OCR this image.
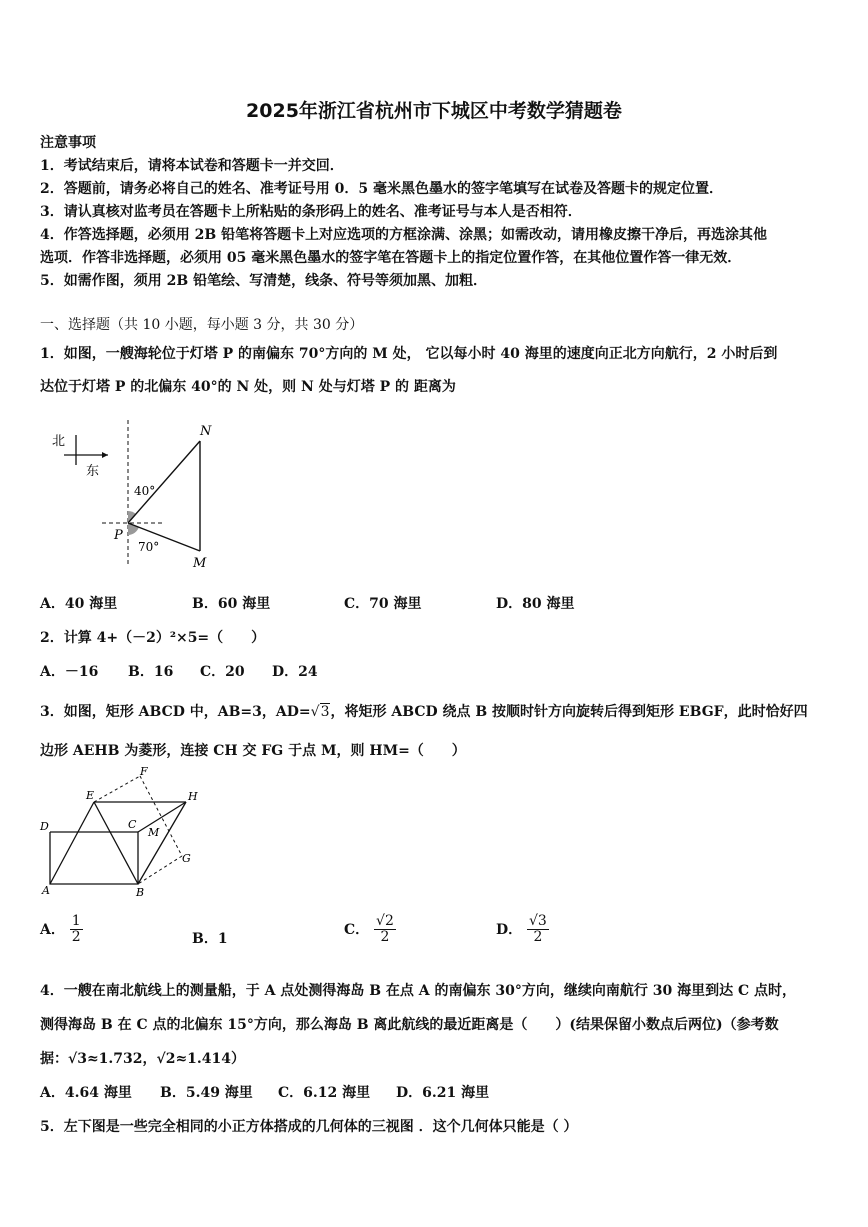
2025年浙江省杭州市下城区中考数学猜题卷
注意事项
1．考试结束后，请将本试卷和答题卡一并交回．
2．答题前，请务必将自己的姓名、准考证号用 0．5 毫米黑色墨水的签字笔填写在试卷及答题卡的规定位置．
3．请认真核对监考员在答题卡上所粘贴的条形码上的姓名、准考证号与本人是否相符．
4．作答选择题，必须用 2B 铅笔将答题卡上对应选项的方框涂满、涂黑；如需改动，请用橡皮擦干净后，再选涂其他
选项．作答非选择题，必须用 05 毫米黑色墨水的签字笔在答题卡上的指定位置作答，在其他位置作答一律无效．
5．如需作图，须用 2B 铅笔绘、写清楚，线条、符号等须加黑、加粗．
一、选择题（共 10 小题，每小题 3 分，共 30 分）
1．如图，一艘海轮位于灯塔 P 的南偏东 70°方向的 M 处， 它以每小时 40 海里的速度向正北方向航行，2 小时后到
达位于灯塔 P 的北偏东 40°的 N 处，则 N 处与灯塔 P 的 距离为
北
东
N
P
M
40°
70°
A．40 海里	B．60 海里	C．70 海里	D．80 海里
2．计算 4+（－2）²×5=（　　）
A．－16 B．16 C．20 D．24
3．如图，矩形 ABCD 中，AB=3，AD=√3，将矩形 ABCD 绕点 B 按顺时针方向旋转后得到矩形 EBGF，此时恰好四
边形 AEHB 为菱形，连接 CH 交 FG 于点 M，则 HM=（　　）
F
E	H
D	C
M
G
A	B
A． $\frac{1}{2}$	B．1
C． $\frac{√2}{2}$	D． $\frac{√3}{2}$
4．一艘在南北航线上的测量船，于 A 点处测得海岛 B 在点 A 的南偏东 30°方向，继续向南航行 30 海里到达 C 点时，
测得海岛 B 在 C 点的北偏东 15°方向，那么海岛 B 离此航线的最近距离是（　　）(结果保留小数点后两位)（参考数
据：√3≈1.732，√2≈1.414）
A．4.64 海里 B．5.49 海里 C．6.12 海里 D．6.21 海里
5．左下图是一些完全相同的小正方体搭成的几何体的三视图 ．这个几何体只能是（ ）
